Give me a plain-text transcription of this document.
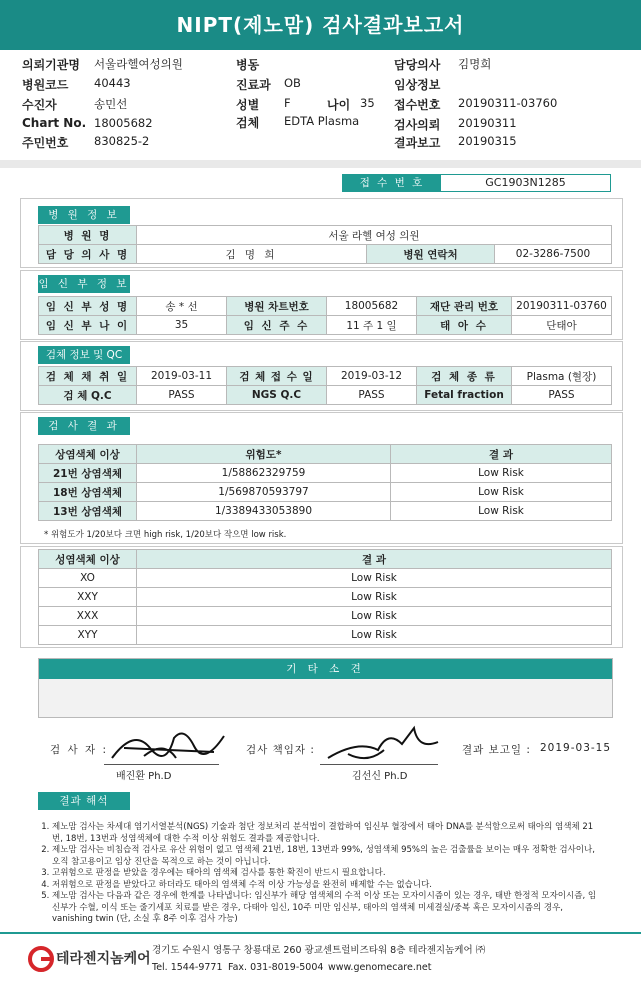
NIPT(제노맘) 검사결과보고서
의뢰기관명 서울라헬여성의원	병동	담당의사 김명희
병원코드 40443	진료과 OB	임상정보
수진자	송민선	성별 F	나이 35 접수번호 20190311-03760
Chart No. 18005682	검체 EDTA Plasma	검사의뢰 20190311
주민번호 830825-2	결과보고 20190315
접 수 번 호	GC1903N1285
병 원 정 보
병 원 명	서울 라헬 여성 의원		
담 당 의 사 명	김 명 희	병원 연락처	02-3286-7500
임 신 부 정 보
임 신 부 성 명	송 * 선	병원 차트번호	18005682	재단 관리 번호	20190311-03760
임 신 부 나 이	35	임 신 주 수	11 주 1 일	태 아 수	단태아
검체 정보 및 QC
검 체 채 취 일	2019-03-11	검 체 접 수 일	2019-03-12	검 체 종 류	Plasma (혈장)
검 체 Q.C	PASS	NGS Q.C	PASS	Fetal fraction	PASS
검 사 결 과
상염색체 이상	위험도*	결 과
21번 상염색체	1/58862329759	Low Risk
18번 상염색체	1/569870593797	Low Risk
13번 상염색체	1/3389433053890	Low Risk
* 위험도가 1/20보다 크면 high risk, 1/20보다 작으면 low risk.
성염색체 이상	결 과
XO	Low Risk
XXY	Low Risk
XXX	Low Risk
XYY	Low Risk
기 타 소 견
검 사 자 :
배진환 Ph.D
검사 책임자 :
김선신 Ph.D
결과 보고일 : 2019-03-15
결과 해석
1. 제노맘 검사는 차세대 염기서열분석(NGS) 기술과 첨단 정보처리 분석법이 결합하여 임신부 혈장에서 태아 DNA를 분석함으로써 태아의 염색체 21번, 18번, 13번과 성염색체에 대한 수적 이상 위험도 결과를 제공합니다.
2. 제노맘 검사는 비침습적 검사로 유산 위험이 없고 염색체 21번, 18번, 13번과 99%, 성염색체 95%의 높은 검출률을 보이는 매우 정확한 검사이나, 오직 참고용이고 임상 진단을 목적으로 하는 것이 아닙니다.
3. 고위험으로 판정을 받았을 경우에는 태아의 염색체 검사를 통한 확진이 반드시 필요합니다.
4. 저위험으로 판정을 받았다고 하더라도 태아의 염색체 수적 이상 가능성을 완전히 배제할 수는 없습니다.
5. 제노맘 검사는 다음과 같은 경우에 한계를 나타냅니다: 임신부가 해당 염색체의 수적 이상 또는 모자이시즘이 있는 경우, 태반 한정적 모자이시즘, 임신부가 수혈, 이식 또는 줄기세포 치료를 받은 경우, 다태아 임신, 10주 미만 임신부, 태아의 염색체 미세결실/중복 혹은 모자이시즘의 경우, vanishing twin (단, 소실 후 8주 이후 검사 가능)
테라젠지놈케어
경기도 수원시 영통구 창룡대로 260 광교센트럴비즈타워 8층 테라젠지놈케어 ㈜
Tel. 1544-9771 Fax. 031-8019-5004 www.genomecare.net
